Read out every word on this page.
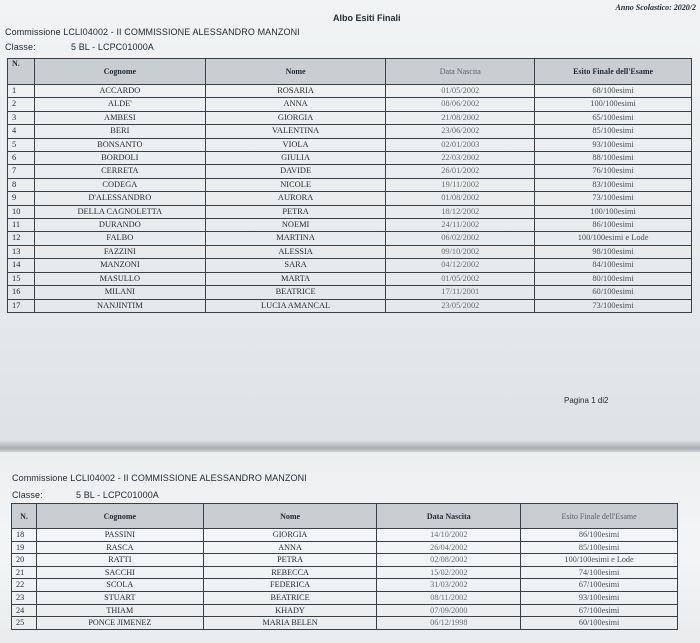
Anno Scolastico: 2020/2
Albo Esiti Finali
Commissione LCLI04002 - II COMMISSIONE ALESSANDRO MANZONI
Classe:	5 BL - LCPC01000A
N.	Cognome	Nome	Data Nascita	Esito Finale dell'Esame
1	ACCARDO	ROSARIA	01/05/2002	68/100esimi
2	ALDE'	ANNA	08/06/2002	100/100esimi
3	AMBESI	GIORGIA	21/08/2002	65/100esimi
4	BERI	VALENTINA	23/06/2002	85/100esimi
5	BONSANTO	VIOLA	02/01/2003	93/100esimi
6	BORDOLI	GIULIA	22/03/2002	88/100esimi
7	CERRETA	DAVIDE	26/01/2002	76/100esimi
8	CODEGA	NICOLE	19/11/2002	83/100esimi
9	D'ALESSANDRO	AURORA	01/08/2002	73/100esimi
10	DELLA CAGNOLETTA	PETRA	18/12/2002	100/100esimi
11	DURANDO	NOEMI	24/11/2002	86/100esimi
12	FALBO	MARTINA	06/02/2002	100/100esimi e Lode
13	FAZZINI	ALESSIA	09/10/2002	98/100esimi
14	MANZONI	SARA	04/12/2002	84/100esimi
15	MASULLO	MARTA	01/05/2002	80/100esimi
16	MILANI	BEATRICE	17/11/2001	60/100esimi
17	NANJINTIM	LUCIA AMANCAL	23/05/2002	73/100esimi
Pagina 1 di2
Commissione LCLI04002 - II COMMISSIONE ALESSANDRO MANZONI
Classe:	5 BL - LCPC01000A
N.	Cognome	Nome	Data Nascita	Esito Finale dell'Esame
18	PASSINI	GIORGIA	14/10/2002	86/100esimi
19	RASCA	ANNA	26/04/2002	85/100esimi
20	RATTI	PETRA	02/08/2002	100/100esimi e Lode
21	SACCHI	REBECCA	15/02/2002	74/100esimi
22	SCOLA	FEDERICA	31/03/2002	67/100esimi
23	STUART	BEATRICE	08/11/2002	93/100esimi
24	THIAM	KHADY	07/09/2000	67/100esimi
25	PONCE JIMENEZ	MARIA BELEN	06/12/1998	60/100esimi
